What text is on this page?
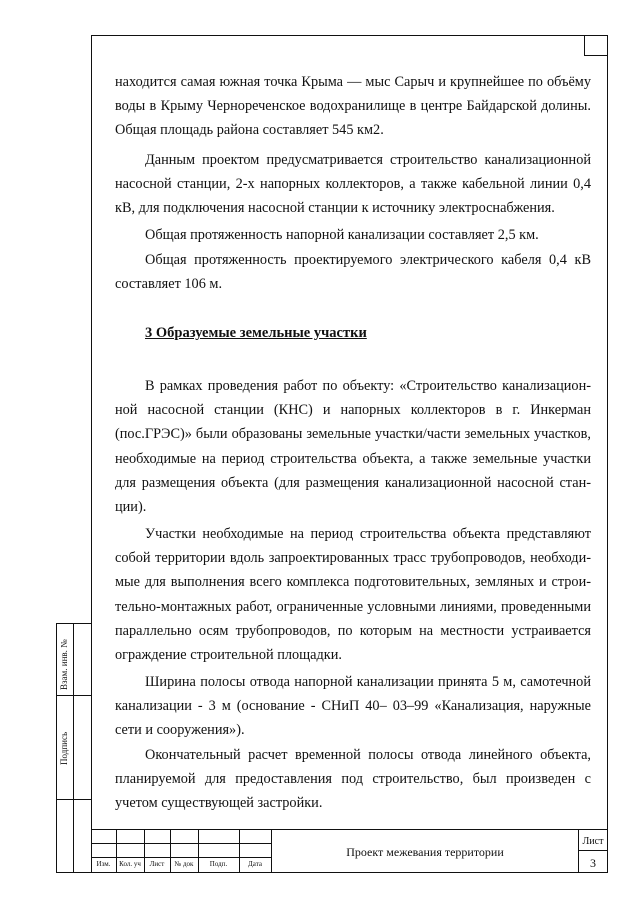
Взам. инв. №
Подпись
находится самая южная точка Крыма — мыс Сарыч и крупнейшее по объёму воды в Крыму Чернореченское водохранилище в центре Байдарской долины. Общая площадь района составляет 545 км2.
Данным проектом предусматривается строительство канализационной насосной станции, 2-х напорных коллекторов, а также кабельной линии 0,4 кВ, для подключения насосной станции к источнику электроснабжения.
Общая протяженность напорной канализации составляет 2,5 км.
Общая протяженность проектируемого электрического кабеля 0,4 кВ составляет 106 м.
3 Образуемые земельные участки
В рамках проведения работ по объекту: «Строительство канализационной насосной станции (КНС) и напорных коллекторов в г. Инкерман (пос.ГРЭС)» были образованы земельные участки/части земельных участков, необходимые на период строительства объекта, а также земельные участки для размещения объекта (для размещения канализационной насосной станции).
Участки необходимые на период строительства объекта представляют собой территории вдоль запроектированных трасс трубопроводов, необходимые для выполнения всего комплекса подготовительных, земляных и строительно-монтажных работ, ограниченные условными линиями, проведенными параллельно осям трубопроводов, по которым на местности устраивается ограждение строительной площадки.
Ширина полосы отвода напорной канализации принята 5 м, самотечной канализации - 3 м (основание - СНиП 40– 03–99 «Канализация, наружные сети и сооружения»).
Окончательный расчет временной полосы отвода линейного объекта, планируемой для предоставления под строительство, был произведен с учетом существующей застройки.
Изм.	Кол. уч	Лист	№ док	Подп.	Дата
Проект межевания территории
Лист
3
